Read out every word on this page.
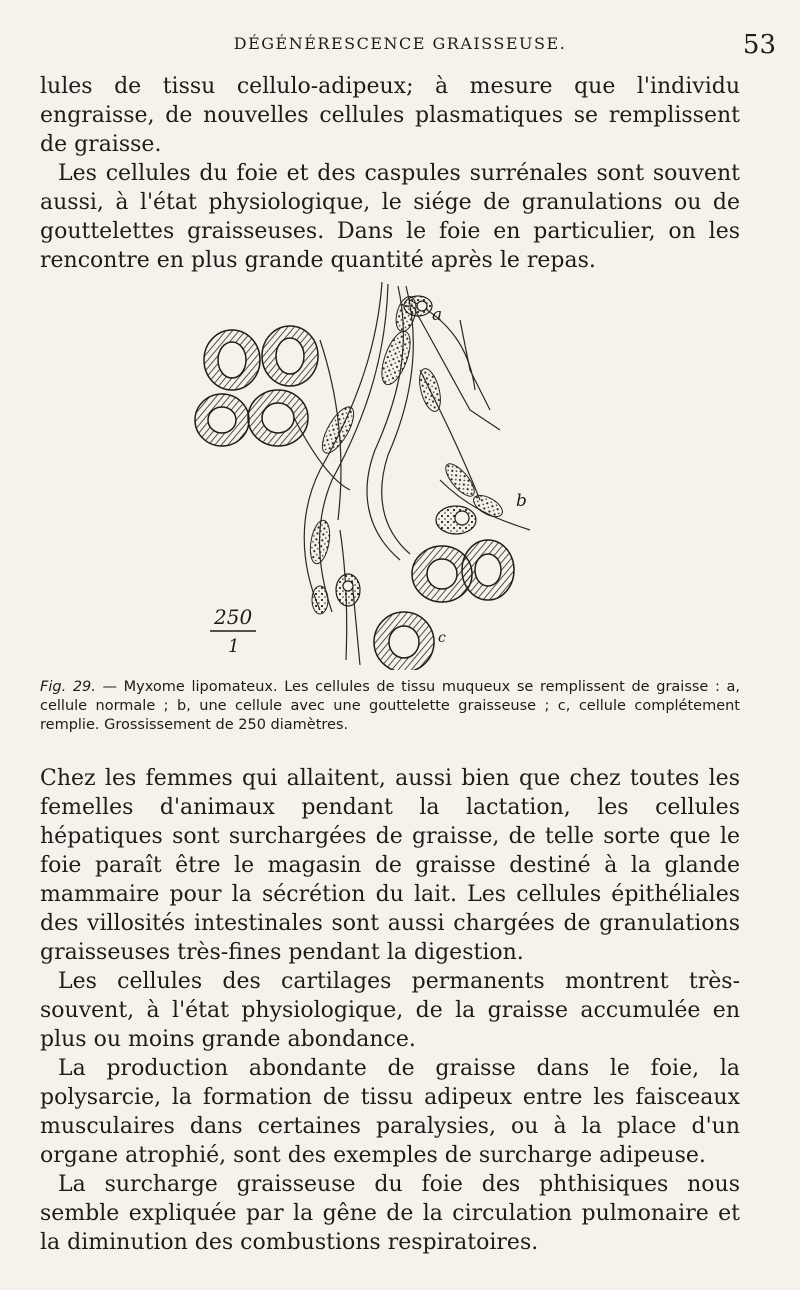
DÉGÉNÉRESCENCE GRAISSEUSE.	53

lules de tissu cellulo-adipeux; à mesure que l'individu engraisse, de nouvelles cellules plasmatiques se remplissent de graisse.

Les cellules du foie et des caspules surrénales sont souvent aussi, à l'état physiologique, le siége de granulations ou de gouttelettes graisseuses. Dans le foie en particulier, on les rencontre en plus grande quantité après le repas.

a
b
c
250
1
Fig. 29. — Myxome lipomateux. Les cellules de tissu muqueux se remplissent de graisse : a, cellule normale ; b, une cellule avec une gouttelette graisseuse ; c, cellule complétement remplie. Grossissement de 250 diamètres.

Chez les femmes qui allaitent, aussi bien que chez toutes les femelles d'animaux pendant la lactation, les cellules hépatiques sont surchargées de graisse, de telle sorte que le foie paraît être le magasin de graisse destiné à la glande mammaire pour la sécrétion du lait. Les cellules épithéliales des villosités intestinales sont aussi chargées de granulations graisseuses très-fines pendant la digestion.

Les cellules des cartilages permanents montrent très-souvent, à l'état physiologique, de la graisse accumulée en plus ou moins grande abondance.

La production abondante de graisse dans le foie, la polysarcie, la formation de tissu adipeux entre les faisceaux musculaires dans certaines paralysies, ou à la place d'un organe atrophié, sont des exemples de surcharge adipeuse.

La surcharge graisseuse du foie des phthisiques nous semble expliquée par la gêne de la circulation pulmonaire et la diminution des combustions respiratoires.
